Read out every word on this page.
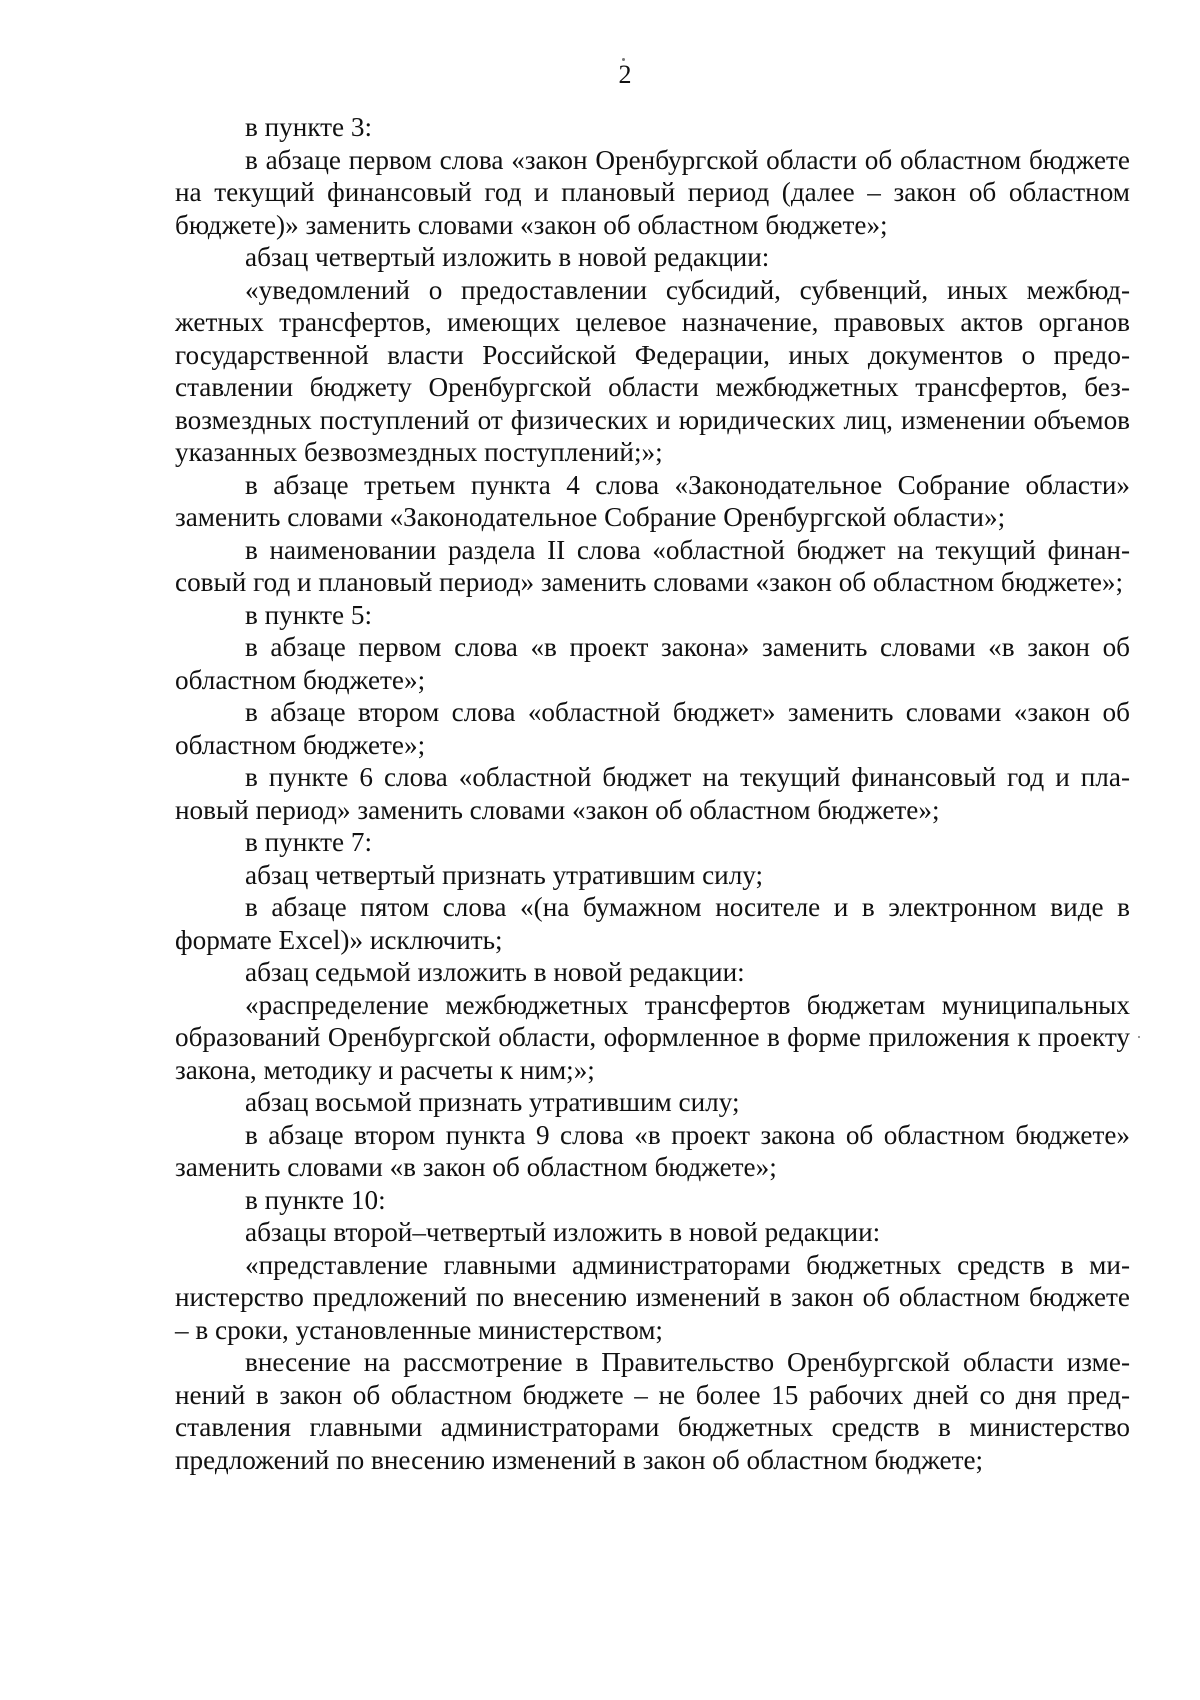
2

в пункте 3:

в абзаце первом слова «закон Оренбургской области об областном бюджете на текущий финансовый год и плановый период (далее – закон об областном бюджете)» заменить словами «закон об областном бюджете»;

абзац четвертый изложить в новой редакции:

«уведомлений о предоставлении субсидий, субвенций, иных межбюджетных трансфертов, имеющих целевое назначение, правовых актов органов государственной власти Российской Федерации, иных документов о предоставлении бюджету Оренбургской области межбюджетных трансфертов, безвозмездных поступлений от физических и юридических лиц, изменении объемов указанных безвозмездных поступлений;»;

в абзаце третьем пункта 4 слова «Законодательное Собрание области» заменить словами «Законодательное Собрание Оренбургской области»;

в наименовании раздела II слова «областной бюджет на текущий финансовый год и плановый период» заменить словами «закон об областном бюджете»;

в пункте 5:

в абзаце первом слова «в проект закона» заменить словами «в закон об областном бюджете»;

в абзаце втором слова «областной бюджет» заменить словами «закон об областном бюджете»;

в пункте 6 слова «областной бюджет на текущий финансовый год и плановый период» заменить словами «закон об областном бюджете»;

в пункте 7:

абзац четвертый признать утратившим силу;

в абзаце пятом слова «(на бумажном носителе и в электронном виде в формате Excel)» исключить;

абзац седьмой изложить в новой редакции:

«распределение межбюджетных трансфертов бюджетам муниципальных образований Оренбургской области, оформленное в форме приложения к проекту закона, методику и расчеты к ним;»;

абзац восьмой признать утратившим силу;

в абзаце втором пункта 9 слова «в проект закона об областном бюджете» заменить словами «в закон об областном бюджете»;

в пункте 10:

абзацы второй–четвертый изложить в новой редакции:

«представление главными администраторами бюджетных средств в министерство предложений по внесению изменений в закон об областном бюджете – в сроки, установленные министерством;

внесение на рассмотрение в Правительство Оренбургской области изменений в закон об областном бюджете – не более 15 рабочих дней со дня представления главными администраторами бюджетных средств в министерство предложений по внесению изменений в закон об областном бюджете;
